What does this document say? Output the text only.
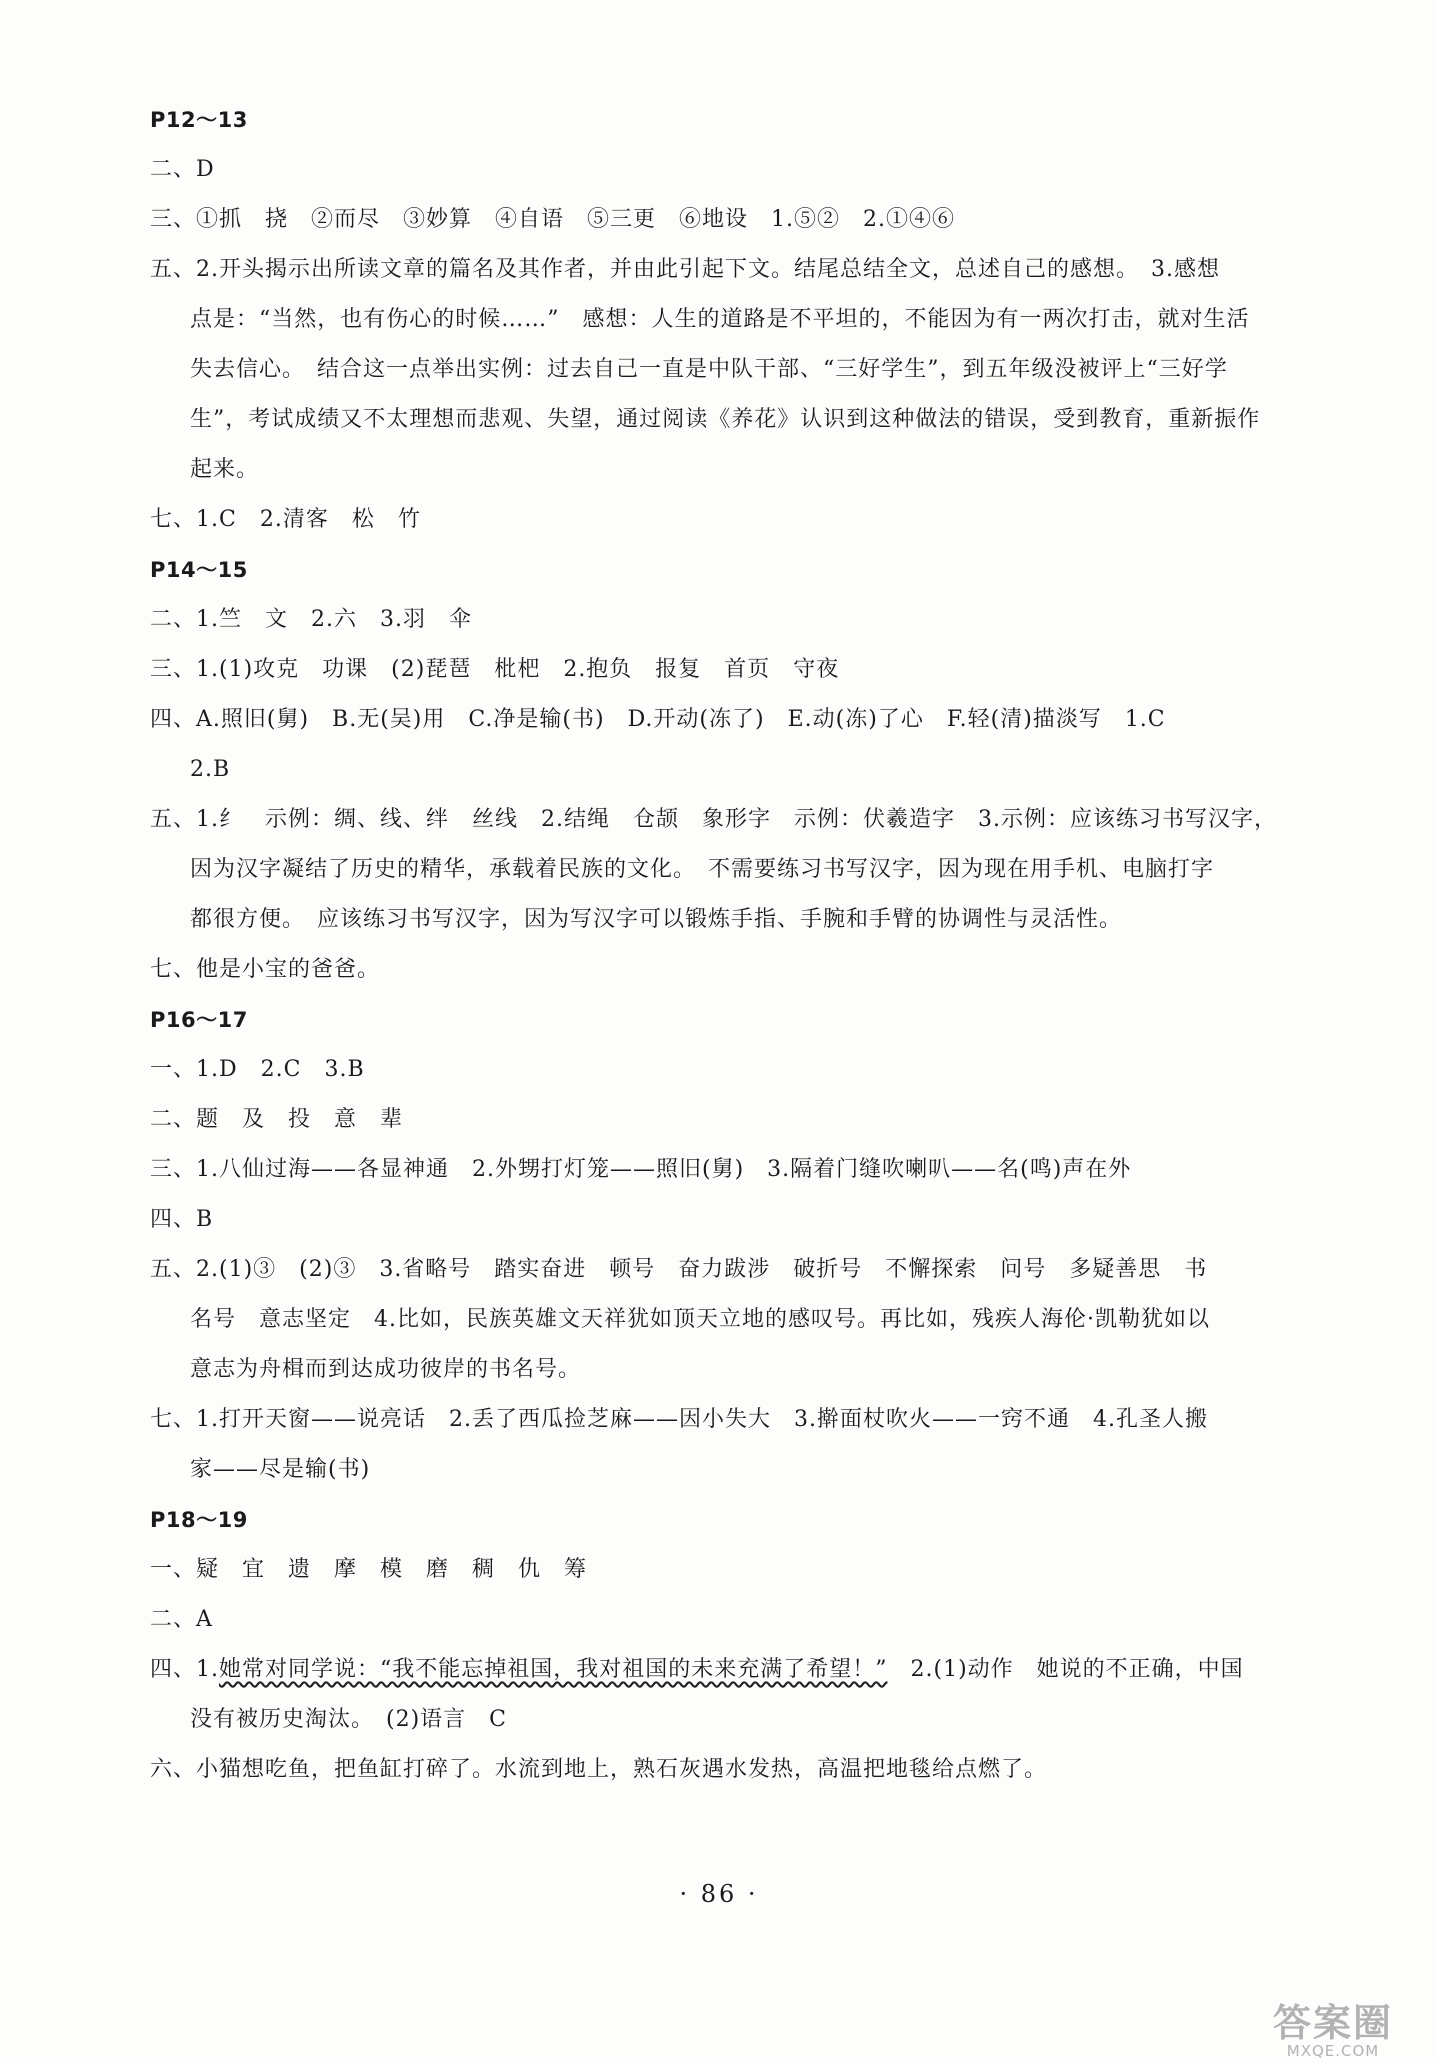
P12～13
二、D
三、①抓　挠　②而尽　③妙算　④自语　⑤三更　⑥地设　1.⑤②　2.①④⑥
五、2.开头揭示出所读文章的篇名及其作者，并由此引起下文。结尾总结全文，总述自己的感想。　3.感想
点是：“当然，也有伤心的时候……”　感想：人生的道路是不平坦的，不能因为有一两次打击，就对生活
失去信心。　结合这一点举出实例：过去自己一直是中队干部、“三好学生”，到五年级没被评上“三好学
生”，考试成绩又不太理想而悲观、失望，通过阅读《养花》认识到这种做法的错误，受到教育，重新振作
起来。
七、1.C　2.清客　松　竹
P14～15
二、1.竺　文　2.六　3.羽　伞
三、1.(1)攻克　功课　(2)琵琶　枇杷　2.抱负　报复　首页　守夜
四、A.照旧(舅)　B.无(吴)用　C.净是输(书)　D.开动(冻了)　E.动(冻)了心　F.轻(清)描淡写　1.C
2.B
五、1.纟　示例：绸、线、绊　丝线　2.结绳　仓颉　象形字　示例：伏羲造字　3.示例：应该练习书写汉字，
因为汉字凝结了历史的精华，承载着民族的文化。　不需要练习书写汉字，因为现在用手机、电脑打字
都很方便。　应该练习书写汉字，因为写汉字可以锻炼手指、手腕和手臂的协调性与灵活性。
七、他是小宝的爸爸。
P16～17
一、1.D　2.C　3.B
二、题　及　投　意　辈
三、1.八仙过海——各显神通　2.外甥打灯笼——照旧(舅)　3.隔着门缝吹喇叭——名(鸣)声在外
四、B
五、2.(1)③　(2)③　3.省略号　踏实奋进　顿号　奋力跋涉　破折号　不懈探索　问号　多疑善思　书
名号　意志坚定　4.比如，民族英雄文天祥犹如顶天立地的感叹号。再比如，残疾人海伦·凯勒犹如以
意志为舟楫而到达成功彼岸的书名号。
七、1.打开天窗——说亮话　2.丢了西瓜捡芝麻——因小失大　3.擀面杖吹火——一窍不通　4.孔圣人搬
家——尽是输(书)
P18～19
一、疑　宜　遗　摩　模　磨　稠　仇　筹
二、A
四、1.她常对同学说：“我不能忘掉祖国，我对祖国的未来充满了希望！”　2.(1)动作　她说的不正确，中国
没有被历史淘汰。　(2)语言　C
六、小猫想吃鱼，把鱼缸打碎了。水流到地上，熟石灰遇水发热，高温把地毯给点燃了。
· 86 ·
答案圈
MXQE.COM
